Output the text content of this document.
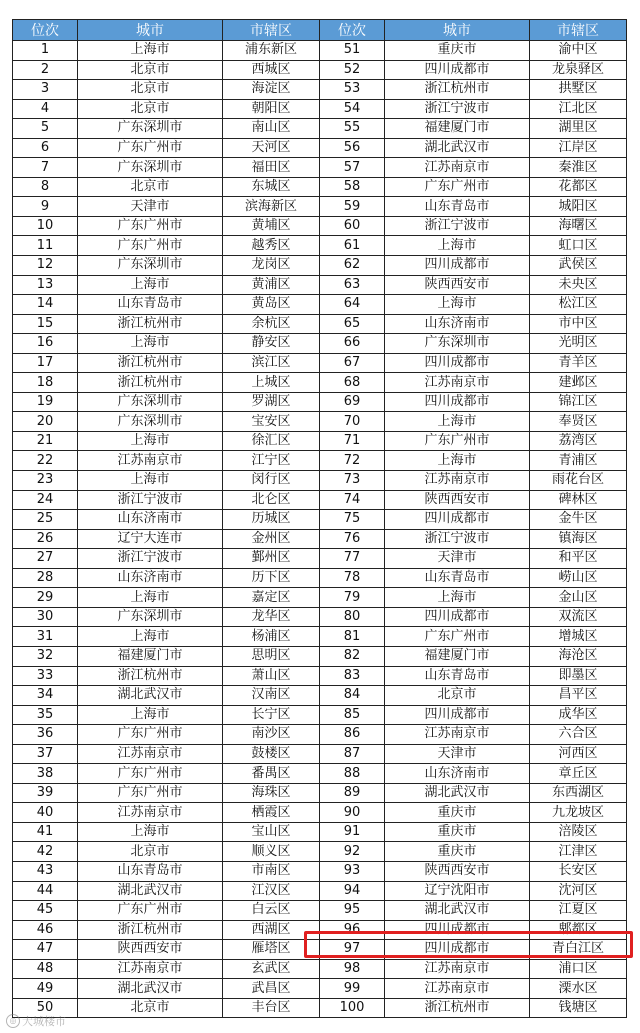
位次	城市	市辖区	位次	城市	市辖区
1	上海市	浦东新区	51	重庆市	渝中区
2	北京市	西城区	52	四川成都市	龙泉驿区
3	北京市	海淀区	53	浙江杭州市	拱墅区
4	北京市	朝阳区	54	浙江宁波市	江北区
5	广东深圳市	南山区	55	福建厦门市	湖里区
6	广东广州市	天河区	56	湖北武汉市	江岸区
7	广东深圳市	福田区	57	江苏南京市	秦淮区
8	北京市	东城区	58	广东广州市	花都区
9	天津市	滨海新区	59	山东青岛市	城阳区
10	广东广州市	黄埔区	60	浙江宁波市	海曙区
11	广东广州市	越秀区	61	上海市	虹口区
12	广东深圳市	龙岗区	62	四川成都市	武侯区
13	上海市	黄浦区	63	陕西西安市	未央区
14	山东青岛市	黄岛区	64	上海市	松江区
15	浙江杭州市	余杭区	65	山东济南市	市中区
16	上海市	静安区	66	广东深圳市	光明区
17	浙江杭州市	滨江区	67	四川成都市	青羊区
18	浙江杭州市	上城区	68	江苏南京市	建邺区
19	广东深圳市	罗湖区	69	四川成都市	锦江区
20	广东深圳市	宝安区	70	上海市	奉贤区
21	上海市	徐汇区	71	广东广州市	荔湾区
22	江苏南京市	江宁区	72	上海市	青浦区
23	上海市	闵行区	73	江苏南京市	雨花台区
24	浙江宁波市	北仑区	74	陕西西安市	碑林区
25	山东济南市	历城区	75	四川成都市	金牛区
26	辽宁大连市	金州区	76	浙江宁波市	镇海区
27	浙江宁波市	鄞州区	77	天津市	和平区
28	山东济南市	历下区	78	山东青岛市	崂山区
29	上海市	嘉定区	79	上海市	金山区
30	广东深圳市	龙华区	80	四川成都市	双流区
31	上海市	杨浦区	81	广东广州市	增城区
32	福建厦门市	思明区	82	福建厦门市	海沧区
33	浙江杭州市	萧山区	83	山东青岛市	即墨区
34	湖北武汉市	汉南区	84	北京市	昌平区
35	上海市	长宁区	85	四川成都市	成华区
36	广东广州市	南沙区	86	江苏南京市	六合区
37	江苏南京市	鼓楼区	87	天津市	河西区
38	广东广州市	番禺区	88	山东济南市	章丘区
39	广东广州市	海珠区	89	湖北武汉市	东西湖区
40	江苏南京市	栖霞区	90	重庆市	九龙坡区
41	上海市	宝山区	91	重庆市	涪陵区
42	北京市	顺义区	92	重庆市	江津区
43	山东青岛市	市南区	93	陕西西安市	长安区
44	湖北武汉市	江汉区	94	辽宁沈阳市	沈河区
45	广东广州市	白云区	95	湖北武汉市	江夏区
46	浙江杭州市	西湖区	96	四川成都市	郫都区
47	陕西西安市	雁塔区	97	四川成都市	青白江区
48	江苏南京市	玄武区	98	江苏南京市	浦口区
49	湖北武汉市	武昌区	99	江苏南京市	溧水区
50	北京市	丰台区	100	浙江杭州市	钱塘区
◎ 大城楼市
